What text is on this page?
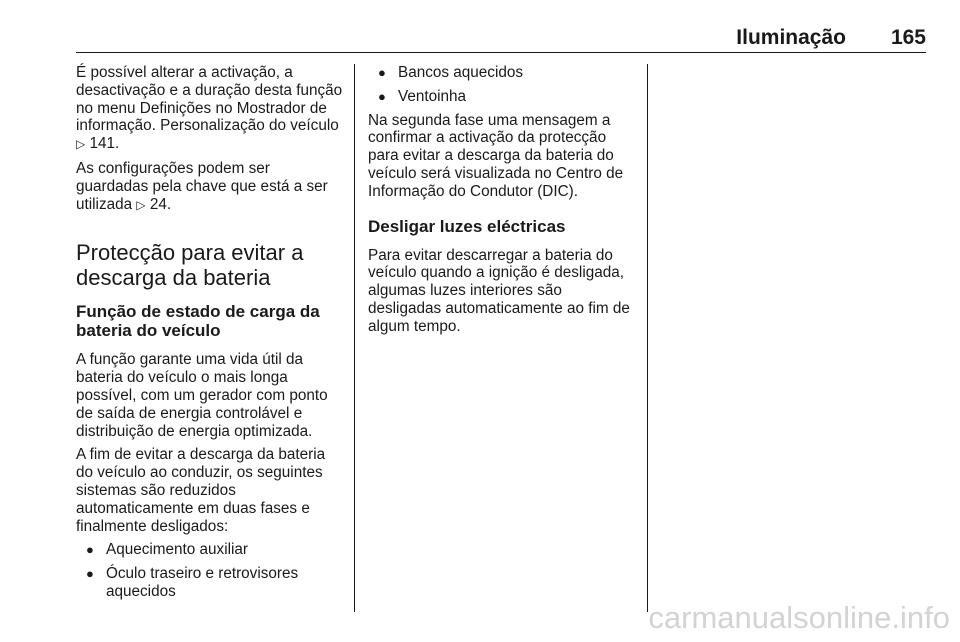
Iluminação 165

É possível alterar a activação, a desactivação e a duração desta função no menu Definições no Mostrador de informação. Personalização do veículo ▷ 141.

As configurações podem ser guardadas pela chave que está a ser utilizada ▷ 24.

Protecção para evitar a descarga da bateria
Função de estado de carga da bateria do veículo

A função garante uma vida útil da bateria do veículo o mais longa possível, com um gerador com ponto de saída de energia controlável e distribuição de energia optimizada.

A fim de evitar a descarga da bateria do veículo ao conduzir, os seguintes sistemas são reduzidos automaticamente em duas fases e finalmente desligados:

● Aquecimento auxiliar
● Óculo traseiro e retrovisores aquecidos
● Bancos aquecidos
● Ventoinha

Na segunda fase uma mensagem a confirmar a activação da protecção para evitar a descarga da bateria do veículo será visualizada no Centro de Informação do Condutor (DIC).

Desligar luzes eléctricas

Para evitar descarregar a bateria do veículo quando a ignição é desligada, algumas luzes interiores são desligadas automaticamente ao fim de algum tempo.

carmanualsonline.info
